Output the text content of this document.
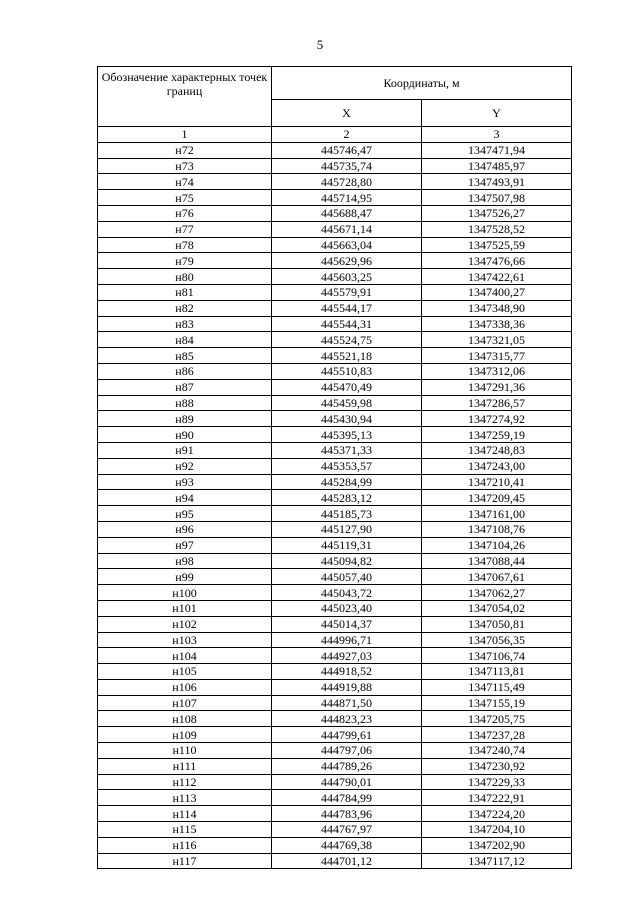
5
Обозначение характерных точек границ	Координаты, м	
	X	Y
1	2	3
н72	445746,47	1347471,94
н73	445735,74	1347485,97
н74	445728,80	1347493,91
н75	445714,95	1347507,98
н76	445688,47	1347526,27
н77	445671,14	1347528,52
н78	445663,04	1347525,59
н79	445629,96	1347476,66
н80	445603,25	1347422,61
н81	445579,91	1347400,27
н82	445544,17	1347348,90
н83	445544,31	1347338,36
н84	445524,75	1347321,05
н85	445521,18	1347315,77
н86	445510,83	1347312,06
н87	445470,49	1347291,36
н88	445459,98	1347286,57
н89	445430,94	1347274,92
н90	445395,13	1347259,19
н91	445371,33	1347248,83
н92	445353,57	1347243,00
н93	445284,99	1347210,41
н94	445283,12	1347209,45
н95	445185,73	1347161,00
н96	445127,90	1347108,76
н97	445119,31	1347104,26
н98	445094,82	1347088,44
н99	445057,40	1347067,61
н100	445043,72	1347062,27
н101	445023,40	1347054,02
н102	445014,37	1347050,81
н103	444996,71	1347056,35
н104	444927,03	1347106,74
н105	444918,52	1347113,81
н106	444919,88	1347115,49
н107	444871,50	1347155,19
н108	444823,23	1347205,75
н109	444799,61	1347237,28
н110	444797,06	1347240,74
н111	444789,26	1347230,92
н112	444790,01	1347229,33
н113	444784,99	1347222,91
н114	444783,96	1347224,20
н115	444767,97	1347204,10
н116	444769,38	1347202,90
н117	444701,12	1347117,12
